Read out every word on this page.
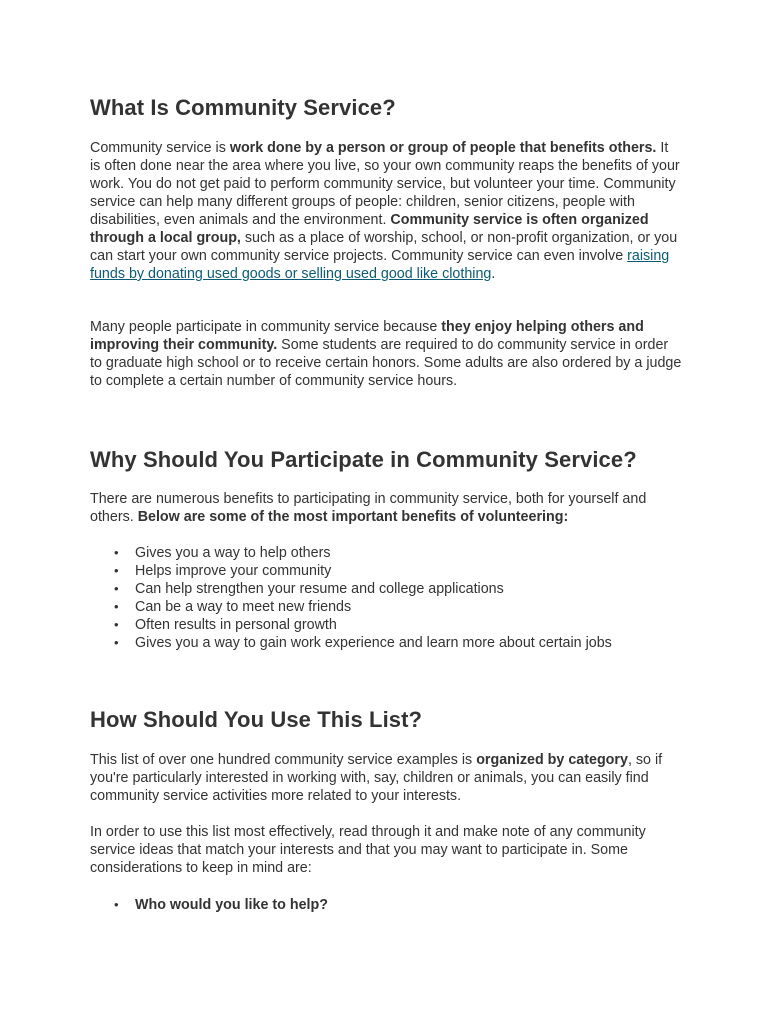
What Is Community Service?

Community service is work done by a person or group of people that benefits others. It is often done near the area where you live, so your own community reaps the benefits of your work. You do not get paid to perform community service, but volunteer your time. Community service can help many different groups of people: children, senior citizens, people with disabilities, even animals and the environment. Community service is often organized through a local group, such as a place of worship, school, or non-profit organization, or you can start your own community service projects. Community service can even involve raising funds by donating used goods or selling used good like clothing.

Many people participate in community service because they enjoy helping others and improving their community. Some students are required to do community service in order to graduate high school or to receive certain honors. Some adults are also ordered by a judge to complete a certain number of community service hours.

Why Should You Participate in Community Service?

There are numerous benefits to participating in community service, both for yourself and others. Below are some of the most important benefits of volunteering:

• Gives you a way to help others
• Helps improve your community
• Can help strengthen your resume and college applications
• Can be a way to meet new friends
• Often results in personal growth
• Gives you a way to gain work experience and learn more about certain jobs
How Should You Use This List?

This list of over one hundred community service examples is organized by category, so if you're particularly interested in working with, say, children or animals, you can easily find community service activities more related to your interests.

In order to use this list most effectively, read through it and make note of any community service ideas that match your interests and that you may want to participate in. Some considerations to keep in mind are:

• Who would you like to help?
